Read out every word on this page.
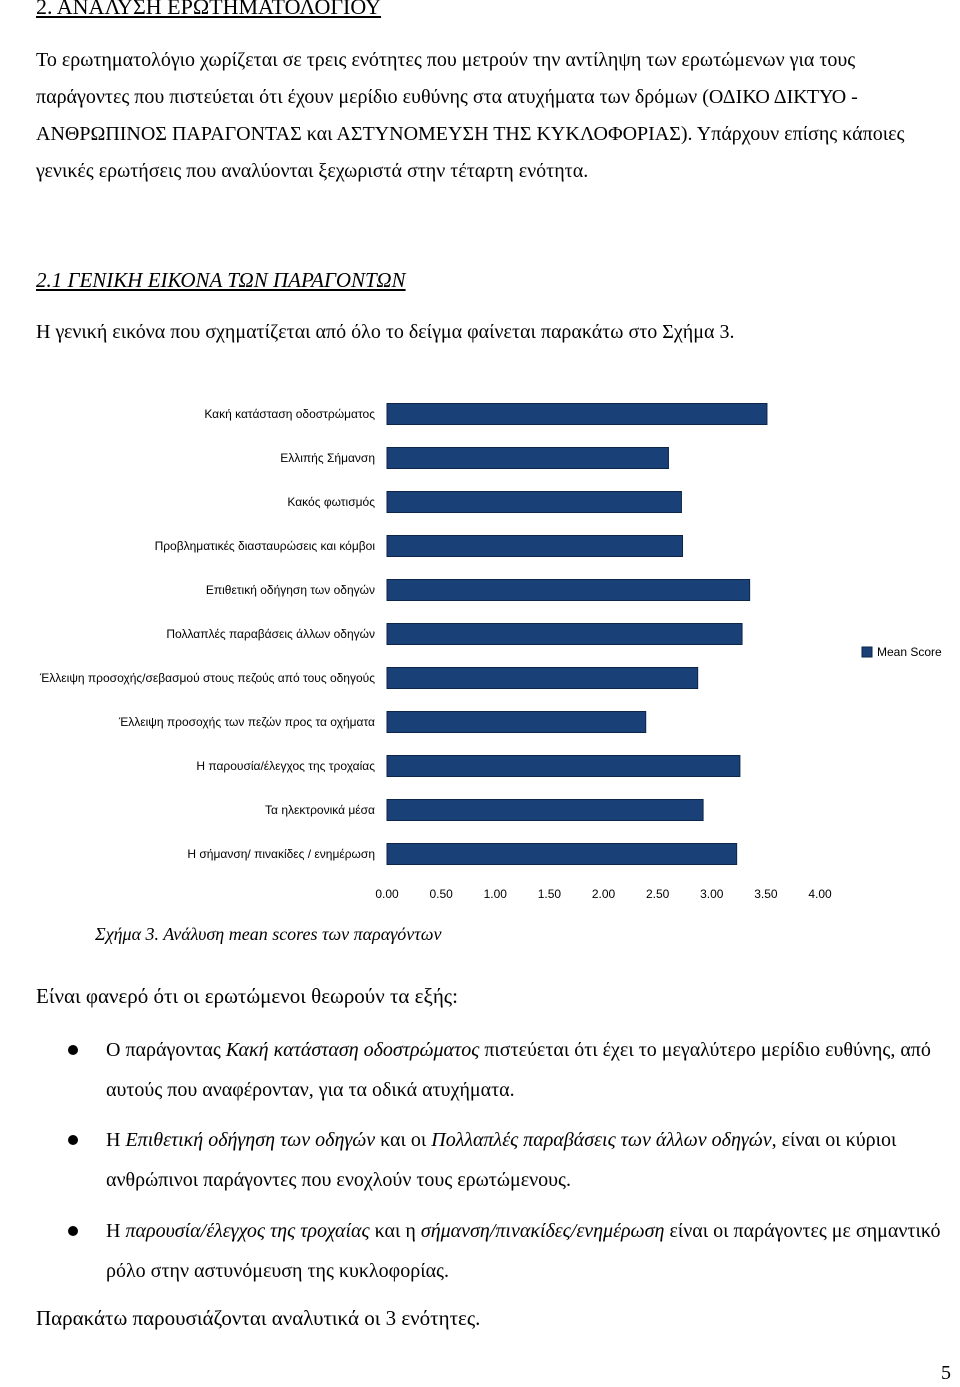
2. ΑΝΑΛΥΣΗ ΕΡΩΤΗΜΑΤΟΛΟΓΙΟΥ

Το ερωτηματολόγιο χωρίζεται σε τρεις ενότητες που μετρούν την αντίληψη των ερωτώμενων για τους παράγοντες που πιστεύεται ότι έχουν μερίδιο ευθύνης στα ατυχήματα των δρόμων (ΟΔΙΚΟ ΔΙΚΤΥΟ - ΑΝΘΡΩΠΙΝΟΣ ΠΑΡΑΓΟΝΤΑΣ και ΑΣΤΥΝΟΜΕΥΣΗ ΤΗΣ ΚΥΚΛΟΦΟΡΙΑΣ). Υπάρχουν επίσης κάποιες γενικές ερωτήσεις που αναλύονται ξεχωριστά στην τέταρτη ενότητα.

2.1 ΓΕΝΙΚΗ ΕΙΚΟΝΑ ΤΩΝ ΠΑΡΑΓΟΝΤΩΝ

Η γενική εικόνα που σχηματίζεται από όλο το δείγμα φαίνεται παρακάτω στο Σχήμα 3.

Κακή κατάσταση οδοστρώματος
Ελλιπής Σήμανση
Κακός φωτισμός
Προβληματικές διασταυρώσεις και κόμβοι
Επιθετική οδήγηση των οδηγών
Πολλαπλές παραβάσεις άλλων οδηγών
Έλλειψη προσοχής/σεβασμού στους πεζούς από τους οδηγούς
Έλλειψη προσοχής των πεζών προς τα οχήματα
Η παρουσία/έλεγχος της τροχαίας
Τα ηλεκτρονικά μέσα
Η σήμανση/ πινακίδες / ενημέρωση
0.00	0.50	1.00	1.50	2.00	2.50	3.00	3.50	4.00
Mean Score
Σχήμα 3. Ανάλυση mean scores των παραγόντων
Είναι φανερό ότι οι ερωτώμενοι θεωρούν τα εξής:
Ο παράγοντας Κακή κατάσταση οδοστρώματος πιστεύεται ότι έχει το μεγαλύτερο μερίδιο ευθύνης, από αυτούς που αναφέρονταν, για τα οδικά ατυχήματα.
Η Επιθετική οδήγηση των οδηγών και οι Πολλαπλές παραβάσεις των άλλων οδηγών, είναι οι κύριοι ανθρώπινοι παράγοντες που ενοχλούν τους ερωτώμενους.
Η παρουσία/έλεγχος της τροχαίας και η σήμανση/πινακίδες/ενημέρωση είναι οι παράγοντες με σημαντικό ρόλο στην αστυνόμευση της κυκλοφορίας.
Παρακάτω παρουσιάζονται αναλυτικά οι 3 ενότητες.
5
